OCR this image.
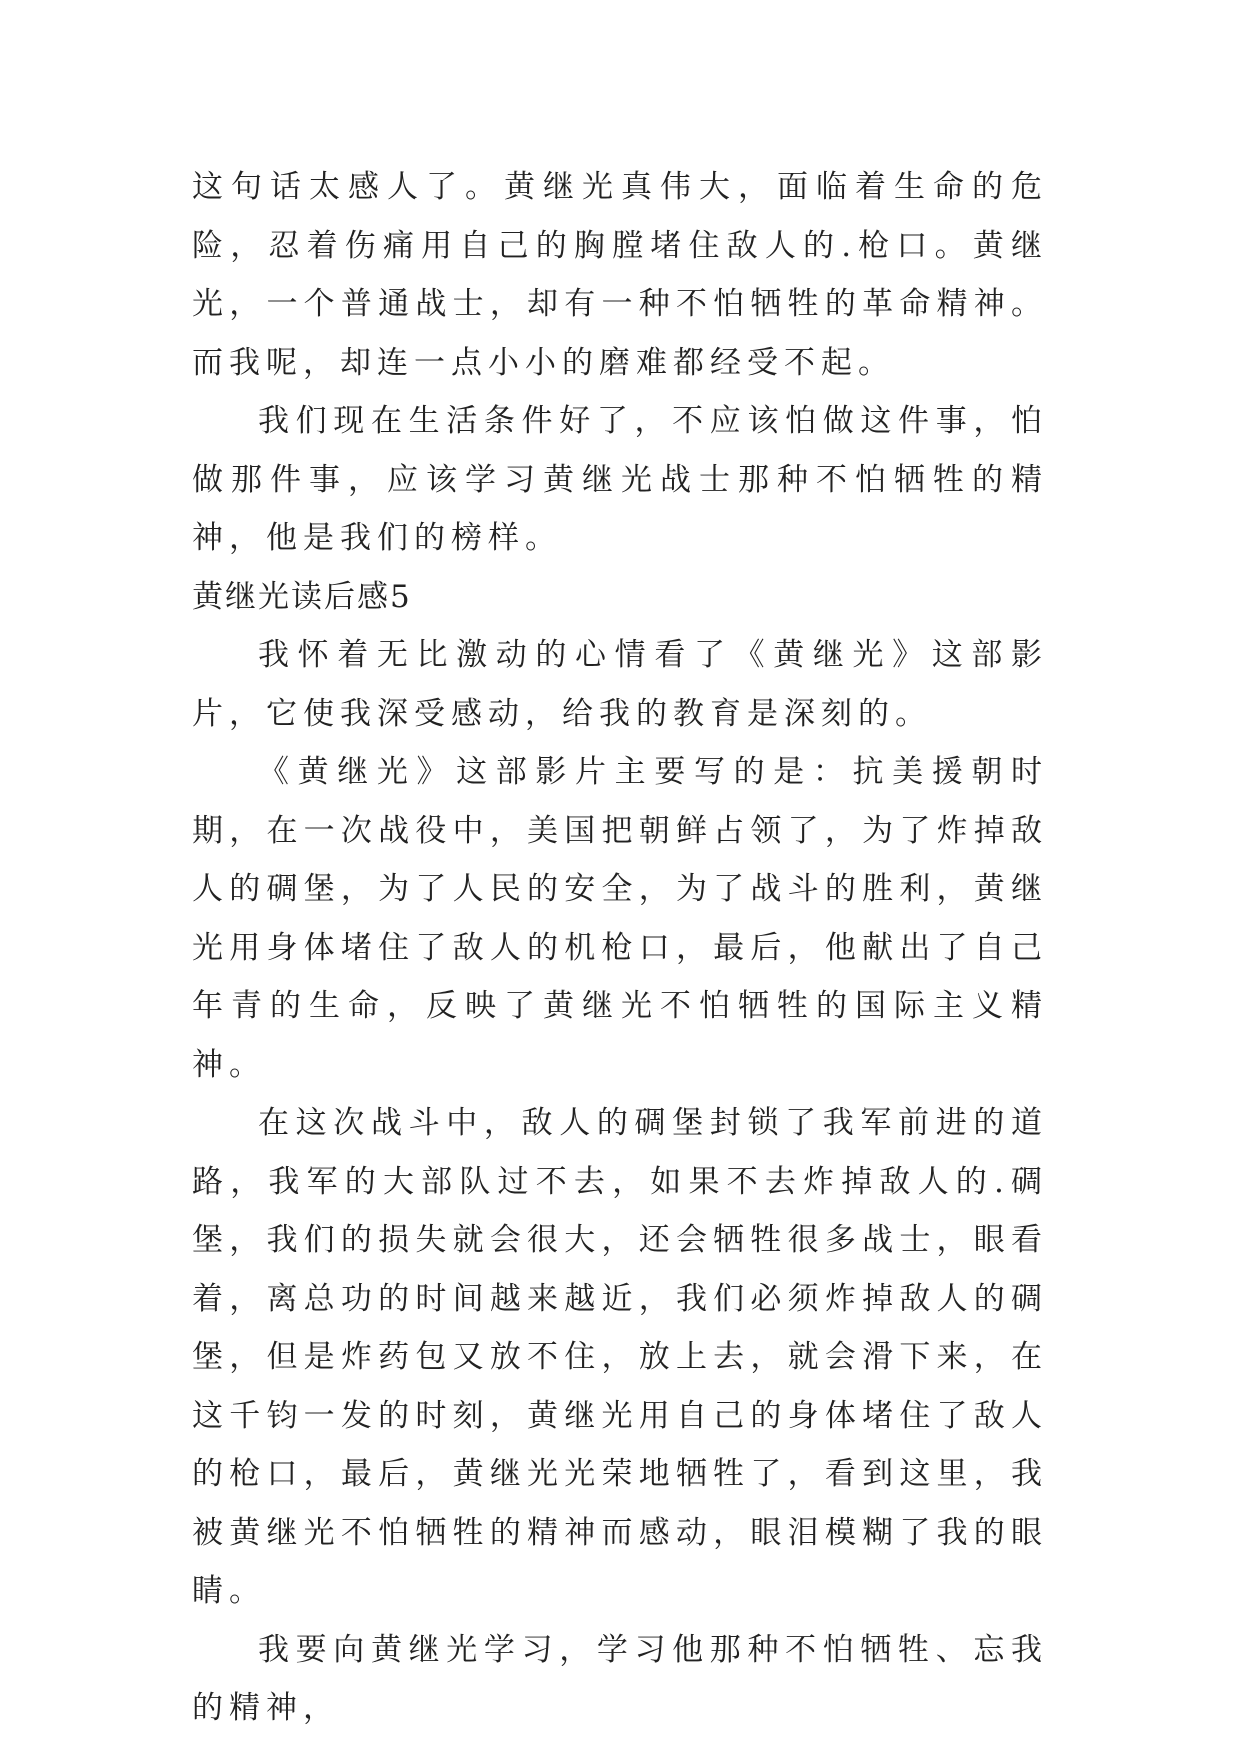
这句话太感人了。黄继光真伟大，面临着生命的危险，忍着伤痛用自己的胸膛堵住敌人的.枪口。黄继光，一个普通战士，却有一种不怕牺牲的革命精神。而我呢，却连一点小小的磨难都经受不起。

我们现在生活条件好了，不应该怕做这件事，怕做那件事，应该学习黄继光战士那种不怕牺牲的精神，他是我们的榜样。

黄继光读后感5

我怀着无比激动的心情看了《黄继光》这部影片，它使我深受感动，给我的教育是深刻的。

《黄继光》这部影片主要写的是：抗美援朝时期，在一次战役中，美国把朝鲜占领了，为了炸掉敌人的碉堡，为了人民的安全，为了战斗的胜利，黄继光用身体堵住了敌人的机枪口，最后，他献出了自己年青的生命，反映了黄继光不怕牺牲的国际主义精神。

在这次战斗中，敌人的碉堡封锁了我军前进的道路，我军的大部队过不去，如果不去炸掉敌人的.碉堡，我们的损失就会很大，还会牺牲很多战士，眼看着，离总功的时间越来越近，我们必须炸掉敌人的碉堡，但是炸药包又放不住，放上去，就会滑下来，在这千钧一发的时刻，黄继光用自己的身体堵住了敌人的枪口，最后，黄继光光荣地牺牲了，看到这里，我被黄继光不怕牺牲的精神而感动，眼泪模糊了我的眼睛。

我要向黄继光学习，学习他那种不怕牺牲、忘我的精神，
